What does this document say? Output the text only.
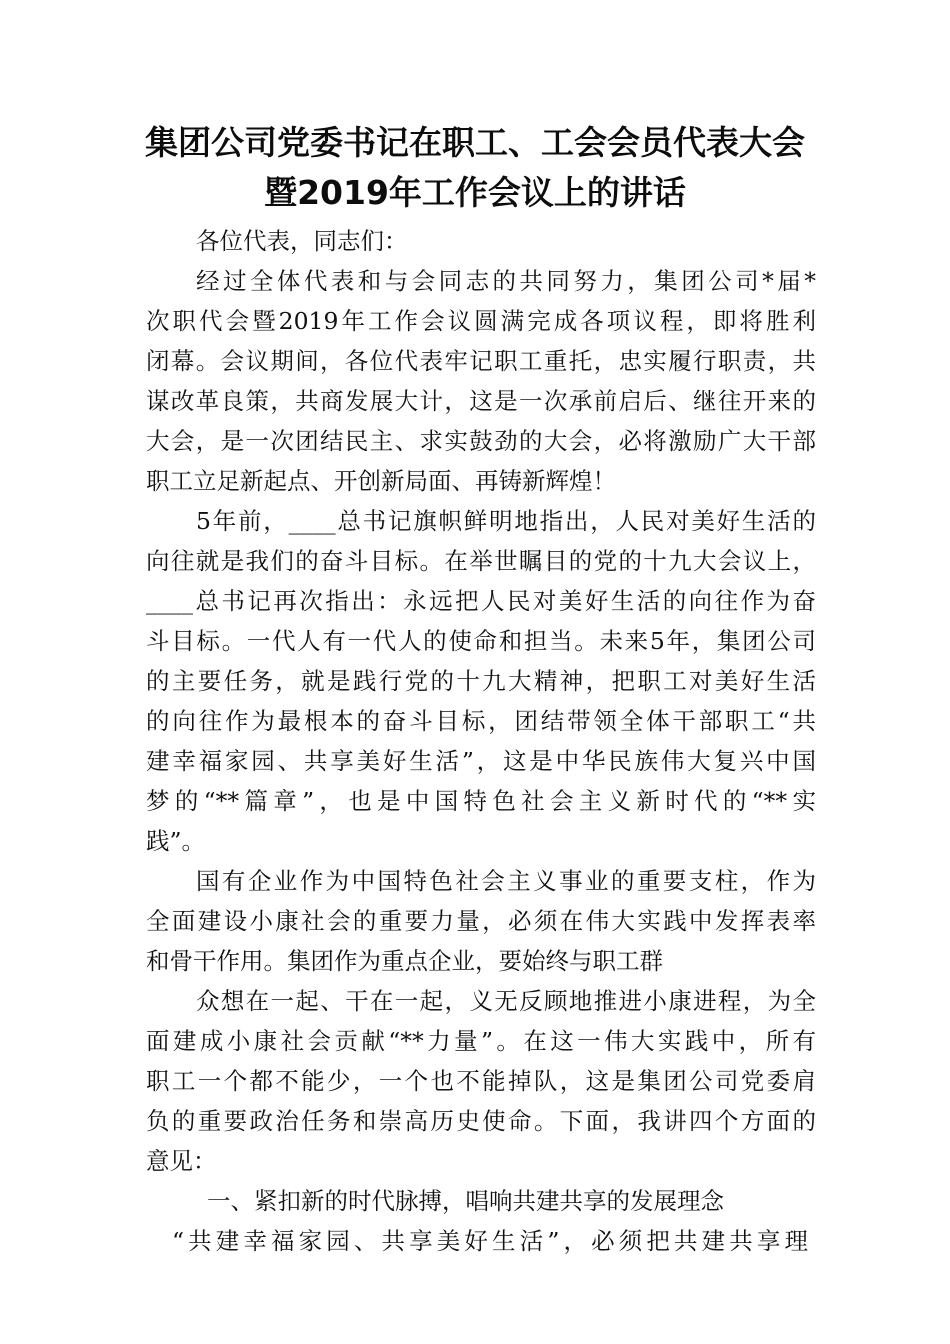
集团公司党委书记在职工、工会会员代表大会
暨2019年工作会议上的讲话

各位代表，同志们：

经过全体代表和与会同志的共同努力，集团公司*届*

次职代会暨2019年工作会议圆满完成各项议程，即将胜利

闭幕。会议期间，各位代表牢记职工重托，忠实履行职责，共

谋改革良策，共商发展大计，这是一次承前启后、继往开来的

大会，是一次团结民主、求实鼓劲的大会，必将激励广大干部

职工立足新起点、开创新局面、再铸新辉煌！

5年前，____总书记旗帜鲜明地指出，人民对美好生活的

向往就是我们的奋斗目标。在举世瞩目的党的十九大会议上，

____总书记再次指出：永远把人民对美好生活的向往作为奋

斗目标。一代人有一代人的使命和担当。未来5年，集团公司

的主要任务，就是践行党的十九大精神，把职工对美好生活

的向往作为最根本的奋斗目标，团结带领全体干部职工“共

建幸福家园、共享美好生活”，这是中华民族伟大复兴中国

梦的“**篇章”，也是中国特色社会主义新时代的“**实

践”。

国有企业作为中国特色社会主义事业的重要支柱，作为

全面建设小康社会的重要力量，必须在伟大实践中发挥表率

和骨干作用。集团作为重点企业，要始终与职工群

众想在一起、干在一起，义无反顾地推进小康进程，为全

面建成小康社会贡献“**力量”。在这一伟大实践中，所有

职工一个都不能少，一个也不能掉队，这是集团公司党委肩

负的重要政治任务和崇高历史使命。下面，我讲四个方面的

意见：

一、紧扣新的时代脉搏，唱响共建共享的发展理念

“共建幸福家园、共享美好生活”，必须把共建共享理
